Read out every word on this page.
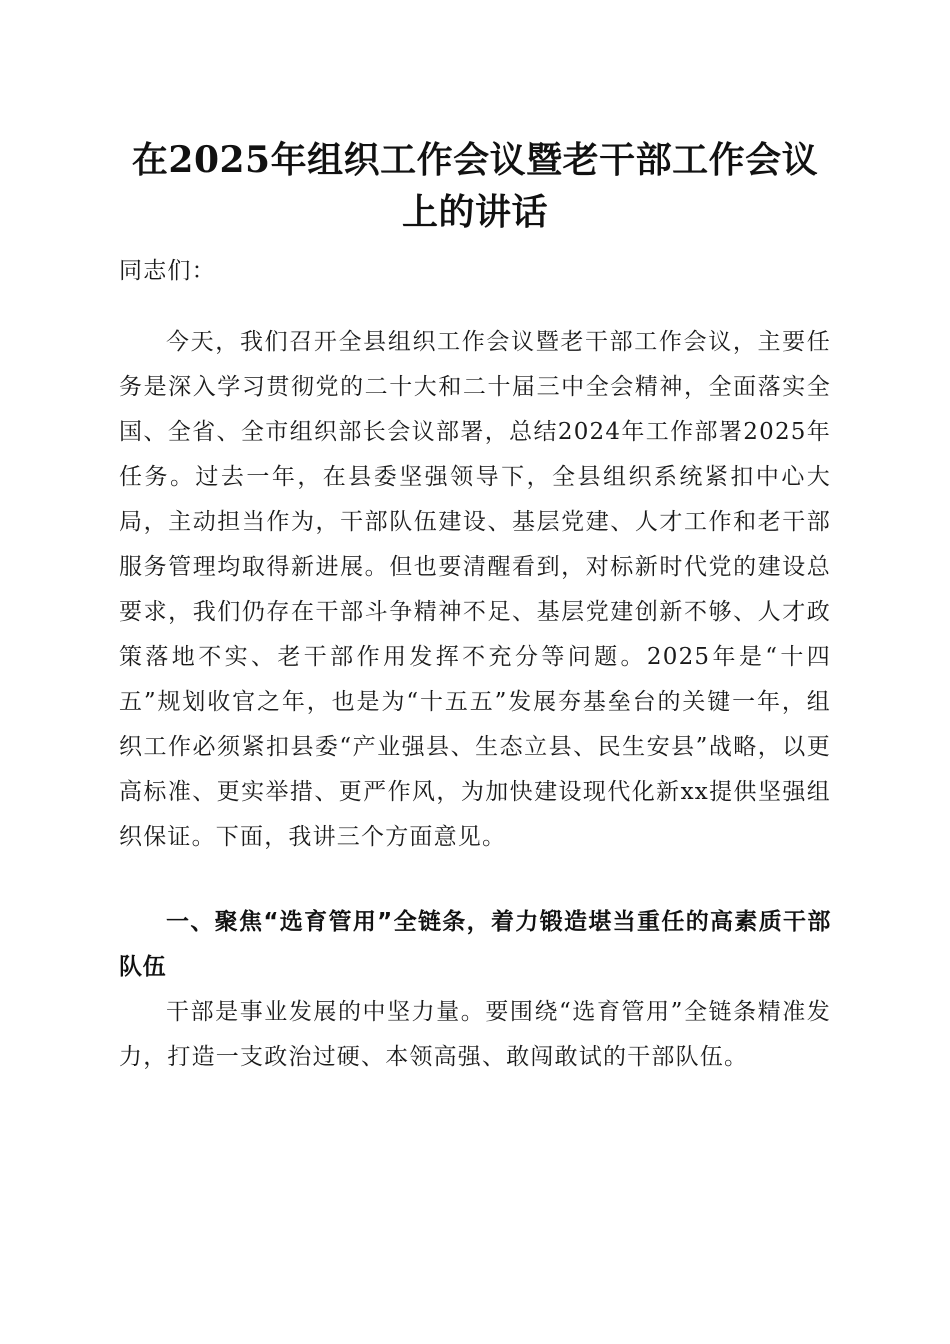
在2025年组织工作会议暨老干部工作会议上的讲话

同志们：

今天，我们召开全县组织工作会议暨老干部工作会议，主要任务是深入学习贯彻党的二十大和二十届三中全会精神，全面落实全国、全省、全市组织部长会议部署，总结2024年工作部署2025年任务。过去一年，在县委坚强领导下，全县组织系统紧扣中心大局，主动担当作为，干部队伍建设、基层党建、人才工作和老干部服务管理均取得新进展。但也要清醒看到，对标新时代党的建设总要求，我们仍存在干部斗争精神不足、基层党建创新不够、人才政策落地不实、老干部作用发挥不充分等问题。2025年是“十四五”规划收官之年，也是为“十五五”发展夯基垒台的关键一年，组织工作必须紧扣县委“产业强县、生态立县、民生安县”战略，以更高标准、更实举措、更严作风，为加快建设现代化新xx提供坚强组织保证。下面，我讲三个方面意见。

一、聚焦“选育管用”全链条，着力锻造堪当重任的高素质干部队伍

干部是事业发展的中坚力量。要围绕“选育管用”全链条精准发力，打造一支政治过硬、本领高强、敢闯敢试的干部队伍。
